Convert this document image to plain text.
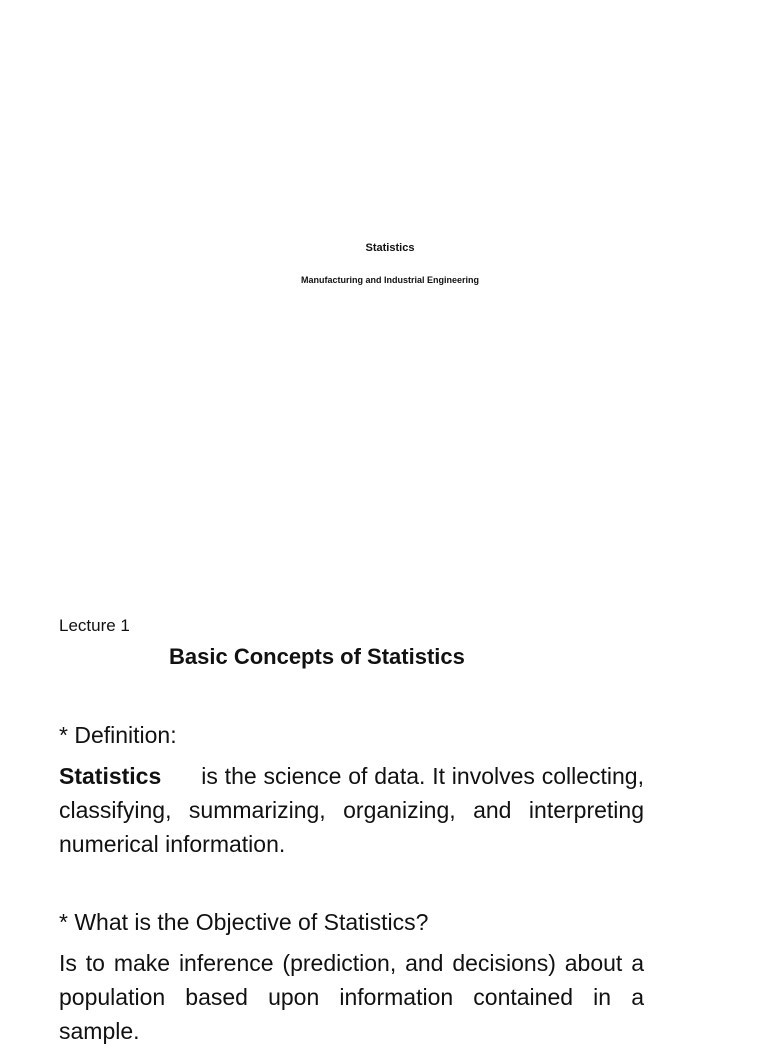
Statistics

Manufacturing and Industrial Engineering

Lecture 1

Basic Concepts of Statistics

* Definition:

Statistics is the science of data. It involves collecting, classifying, summarizing, organizing, and interpreting numerical information.

* What is the Objective of Statistics?

Is to make inference (prediction, and decisions) about a population based upon information contained in a sample.
